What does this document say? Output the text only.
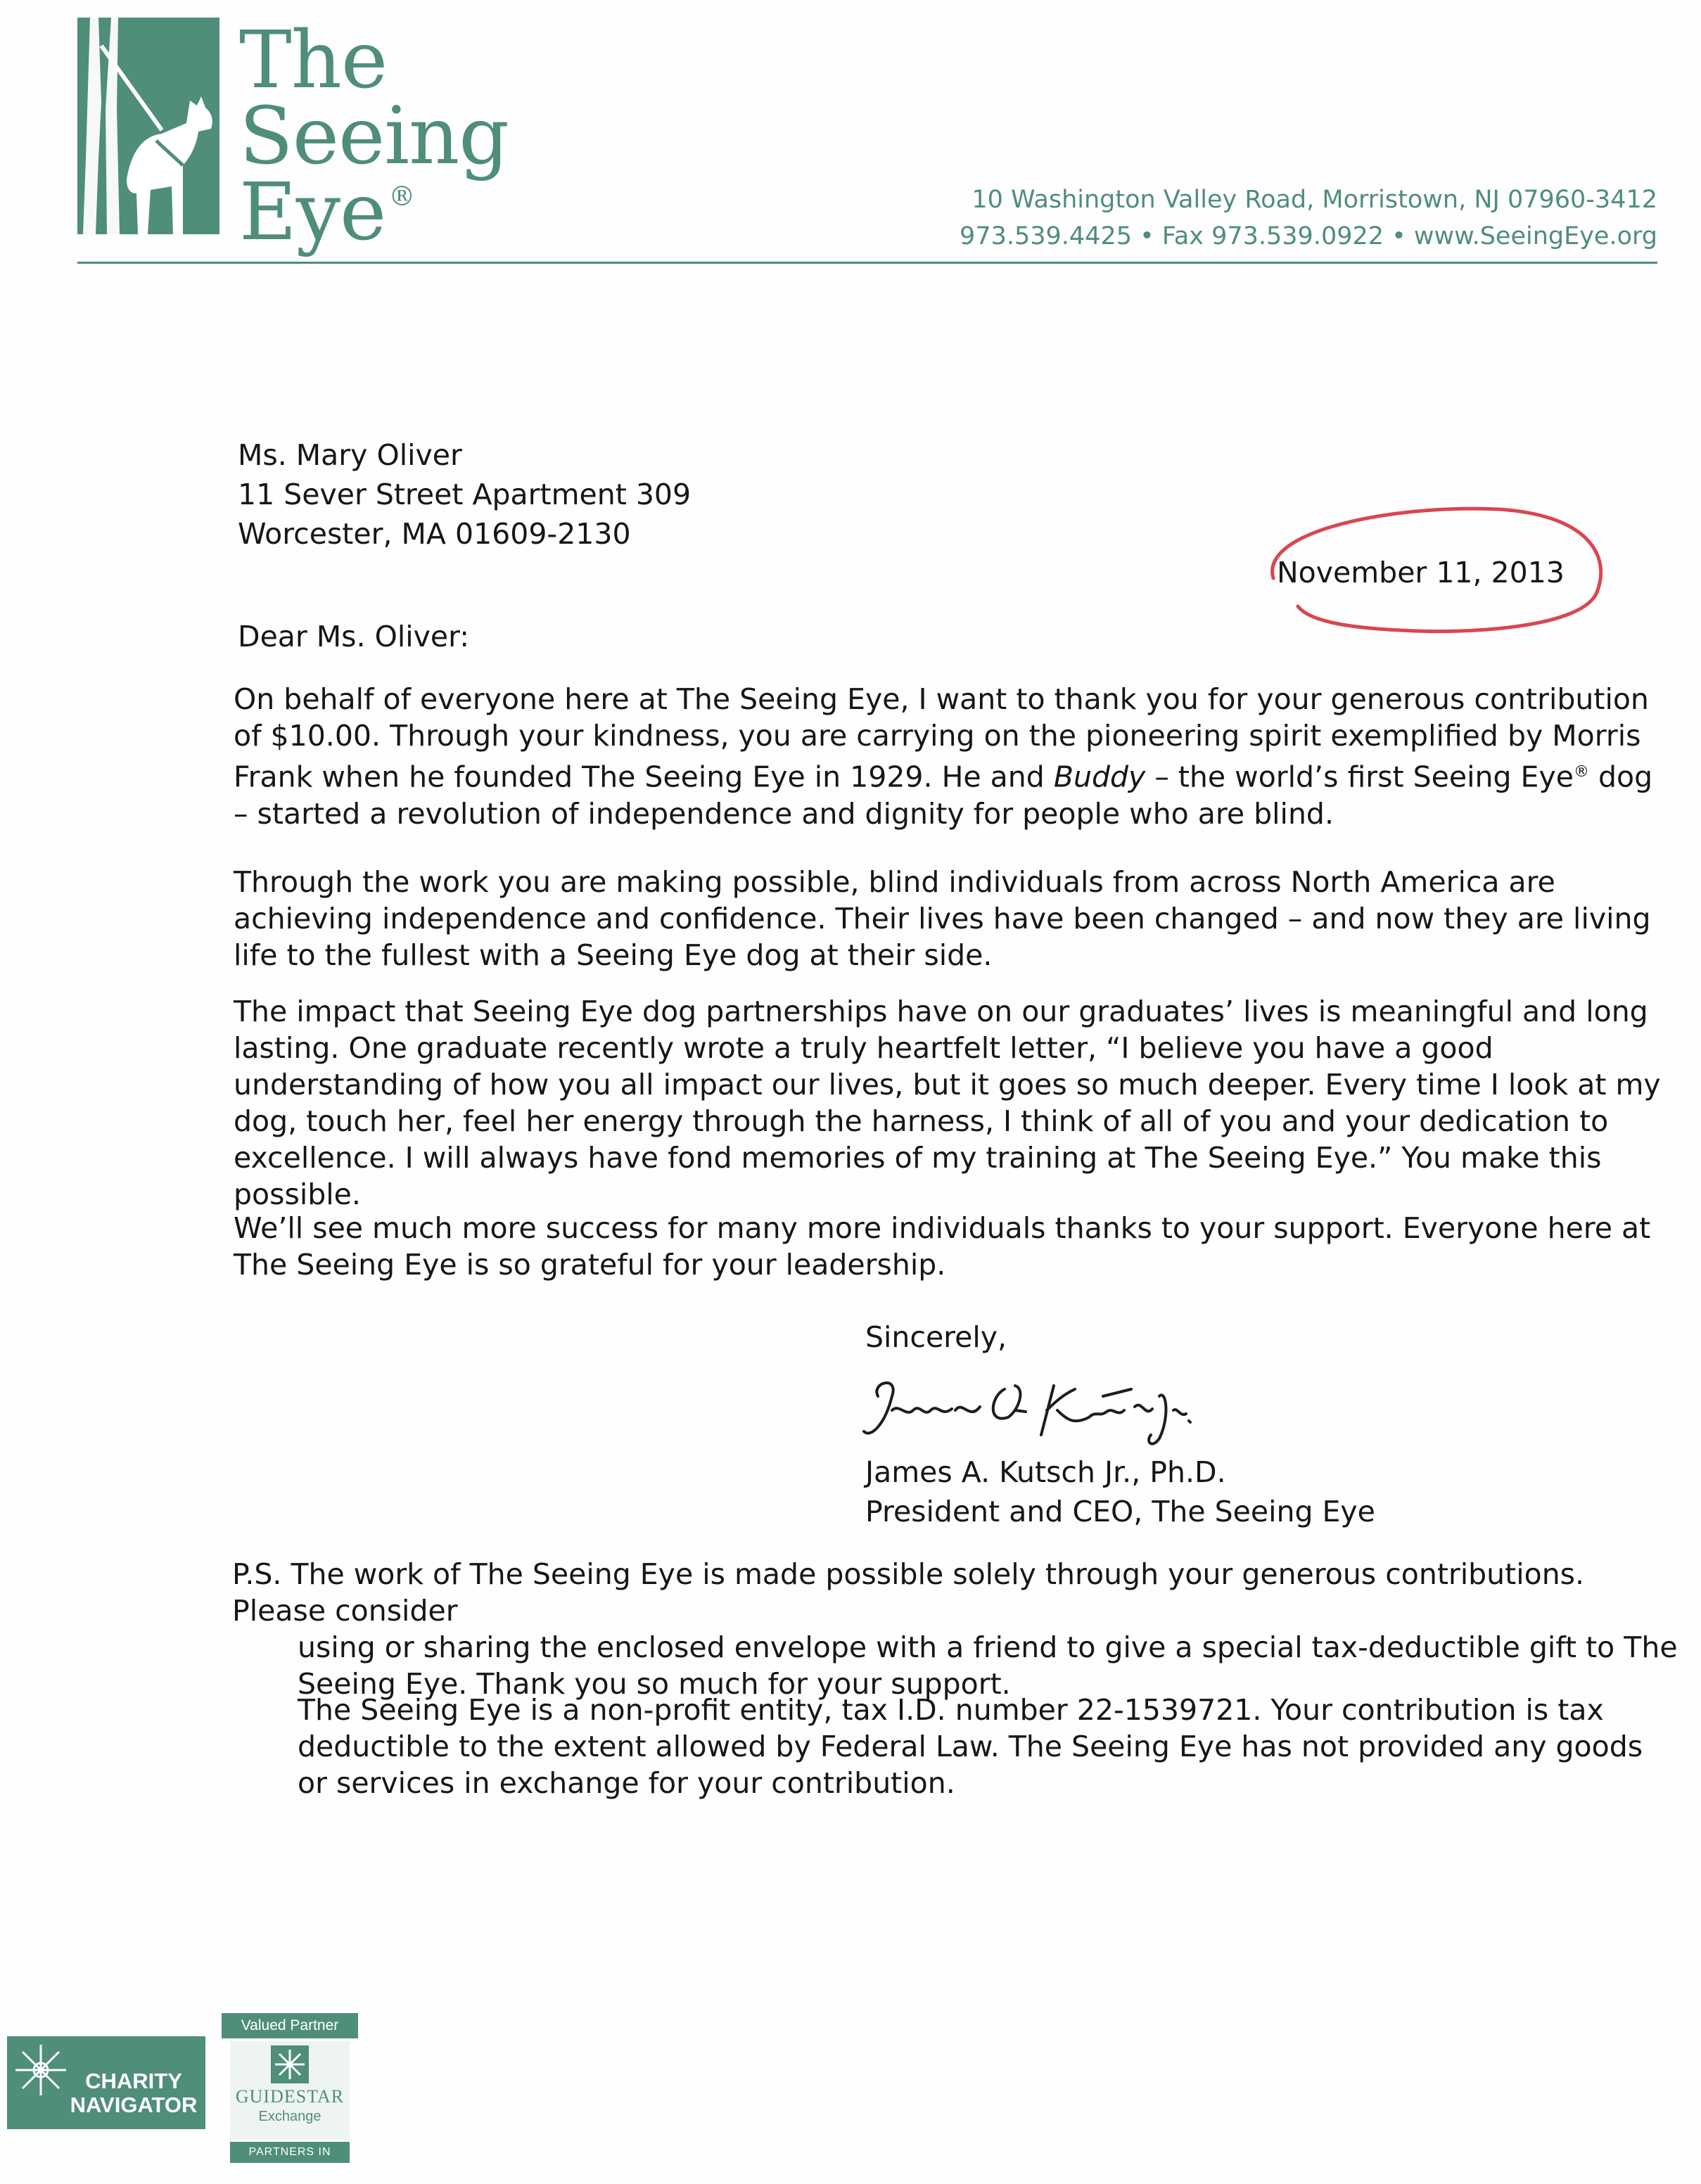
The
Seeing
Eye ®	10 Washington Valley Road, Morristown, NJ 07960-3412
973.539.4425 • Fax 973.539.0922 • www.SeeingEye.org
Ms. Mary Oliver
11 Sever Street Apartment 309
Worcester, MA 01609-2130
November 11, 2013
Dear Ms. Oliver:

On behalf of everyone here at The Seeing Eye, I want to thank you for your generous contribution of $10.00. Through your kindness, you are carrying on the pioneering spirit exemplified by Morris Frank when he founded The Seeing Eye in 1929. He and Buddy – the world’s first Seeing Eye® dog – started a revolution of independence and dignity for people who are blind.

Through the work you are making possible, blind individuals from across North America are achieving independence and confidence. Their lives have been changed – and now they are living life to the fullest with a Seeing Eye dog at their side.

The impact that Seeing Eye dog partnerships have on our graduates’ lives is meaningful and long lasting. One graduate recently wrote a truly heartfelt letter, “I believe you have a good understanding of how you all impact our lives, but it goes so much deeper. Every time I look at my dog, touch her, feel her energy through the harness, I think of all of you and your dedication to excellence. I will always have fond memories of my training at The Seeing Eye.” You make this possible.

We’ll see much more success for many more individuals thanks to your support. Everyone here at The Seeing Eye is so grateful for your leadership.

Sincerely,
James A. Kutsch Jr., Ph.D.
President and CEO, The Seeing Eye

P.S. The work of The Seeing Eye is made possible solely through your generous contributions. Please consider

using or sharing the enclosed envelope with a friend to give a special tax-deductible gift to The Seeing Eye. Thank you so much for your support.

The Seeing Eye is a non-profit entity, tax I.D. number 22-1539721. Your contribution is tax deductible to the extent allowed by Federal Law. The Seeing Eye has not provided any goods or services in exchange for your contribution.

CHARITY
NAVIGATOR
Valued Partner
GUIDESTAR
Exchange
PARTNERS IN TRUST
